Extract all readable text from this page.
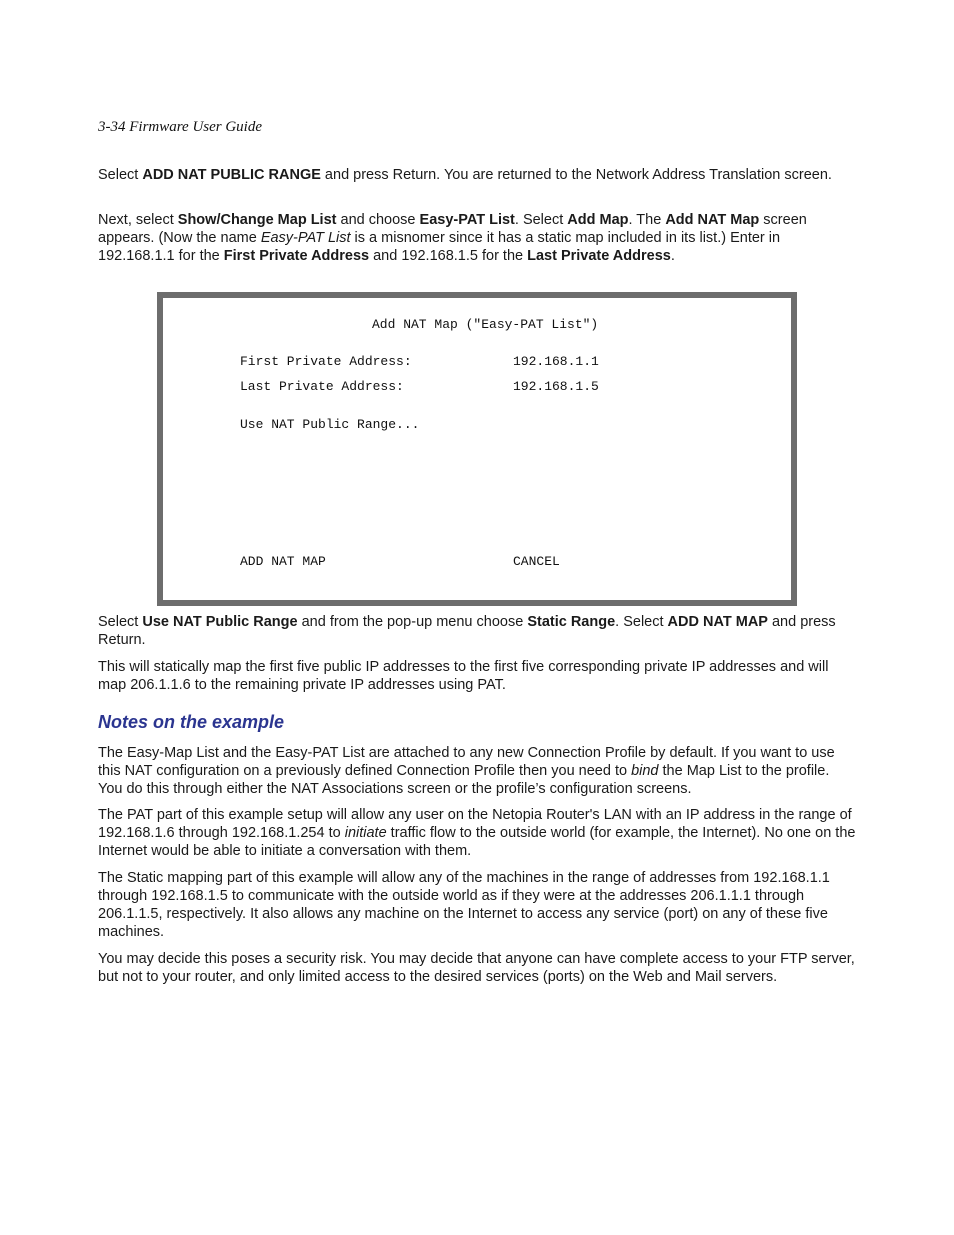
3-34 Firmware User Guide

Select ADD NAT PUBLIC RANGE and press Return. You are returned to the Network Address Translation screen.

Next, select Show/Change Map List and choose Easy-PAT List. Select Add Map. The Add NAT Map screen appears. (Now the name Easy-PAT List is a misnomer since it has a static map included in its list.) Enter in 192.168.1.1 for the First Private Address and 192.168.1.5 for the Last Private Address.

Add NAT Map ("Easy-PAT List")
First Private Address:	192.168.1.1
Last Private Address:	192.168.1.5
Use NAT Public Range...
ADD NAT MAP	CANCEL

Select Use NAT Public Range and from the pop-up menu choose Static Range. Select ADD NAT MAP and press Return.

This will statically map the first five public IP addresses to the first five corresponding private IP addresses and will map 206.1.1.6 to the remaining private IP addresses using PAT.

Notes on the example

The Easy-Map List and the Easy-PAT List are attached to any new Connection Profile by default. If you want to use this NAT configuration on a previously defined Connection Profile then you need to bind the Map List to the profile. You do this through either the NAT Associations screen or the profile’s configuration screens.

The PAT part of this example setup will allow any user on the Netopia Router's LAN with an IP address in the range of 192.168.1.6 through 192.168.1.254 to initiate traffic flow to the outside world (for example, the Internet). No one on the Internet would be able to initiate a conversation with them.

The Static mapping part of this example will allow any of the machines in the range of addresses from 192.168.1.1 through 192.168.1.5 to communicate with the outside world as if they were at the addresses 206.1.1.1 through 206.1.1.5, respectively. It also allows any machine on the Internet to access any service (port) on any of these five machines.

You may decide this poses a security risk. You may decide that anyone can have complete access to your FTP server, but not to your router, and only limited access to the desired services (ports) on the Web and Mail servers.
